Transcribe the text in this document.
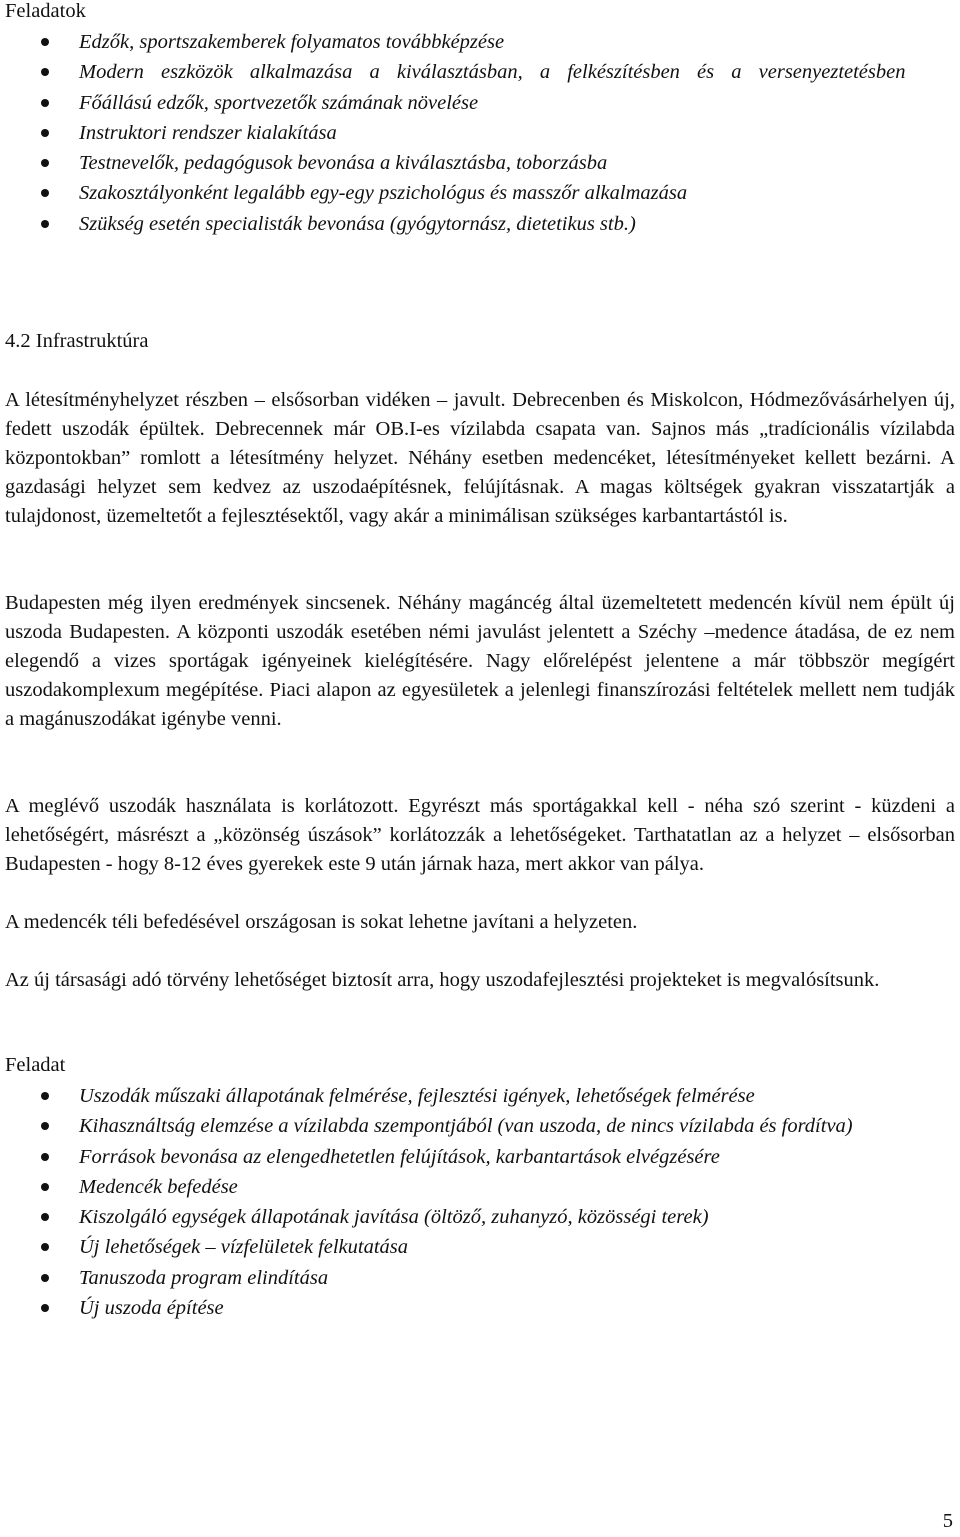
Feladatok

Edzők, sportszakemberek folyamatos továbbképzése
Modern eszközök alkalmazása a kiválasztásban, a felkészítésben és a versenyeztetésben
Főállású edzők, sportvezetők számának növelése
Instruktori rendszer kialakítása
Testnevelők, pedagógusok bevonása a kiválasztásba, toborzásba
Szakosztályonként legalább egy-egy pszichológus és masszőr alkalmazása
Szükség esetén specialisták bevonása (gyógytornász, dietetikus stb.)

4.2 Infrastruktúra

A létesítményhelyzet részben – elsősorban vidéken – javult. Debrecenben és Miskolcon, Hódmezővásárhelyen új, fedett uszodák épültek. Debrecennek már OB.I-es vízilabda csapata van. Sajnos más „tradícionális vízilabda központokban” romlott a létesítmény helyzet. Néhány esetben medencéket, létesítményeket kellett bezárni. A gazdasági helyzet sem kedvez az uszodaépítésnek, felújításnak. A magas költségek gyakran visszatartják a tulajdonost, üzemeltetőt a fejlesztésektől, vagy akár a minimálisan szükséges karbantartástól is.

Budapesten még ilyen eredmények sincsenek. Néhány magáncég által üzemeltetett medencén kívül nem épült új uszoda Budapesten. A központi uszodák esetében némi javulást jelentett a Széchy –medence átadása, de ez nem elegendő a vizes sportágak igényeinek kielégítésére. Nagy előrelépést jelentene a már többször megígért uszodakomplexum megépítése. Piaci alapon az egyesületek a jelenlegi finanszírozási feltételek mellett nem tudják a magánuszodákat igénybe venni.

A meglévő uszodák használata is korlátozott. Egyrészt más sportágakkal kell - néha szó szerint - küzdeni a lehetőségért, másrészt a „közönség úszások” korlátozzák a lehetőségeket. Tarthatatlan az a helyzet – elsősorban Budapesten - hogy 8-12 éves gyerekek este 9 után járnak haza, mert akkor van pálya.

A medencék téli befedésével országosan is sokat lehetne javítani a helyzeten.

Az új társasági adó törvény lehetőséget biztosít arra, hogy uszodafejlesztési projekteket is megvalósítsunk.

Feladat

Uszodák műszaki állapotának felmérése, fejlesztési igények, lehetőségek felmérése
Kihasználtság elemzése a vízilabda szempontjából (van uszoda, de nincs vízilabda és fordítva)
Források bevonása az elengedhetetlen felújítások, karbantartások elvégzésére
Medencék befedése
Kiszolgáló egységek állapotának javítása (öltöző, zuhanyzó, közösségi terek)
Új lehetőségek – vízfelületek felkutatása
Tanuszoda program elindítása
Új uszoda építése
5
